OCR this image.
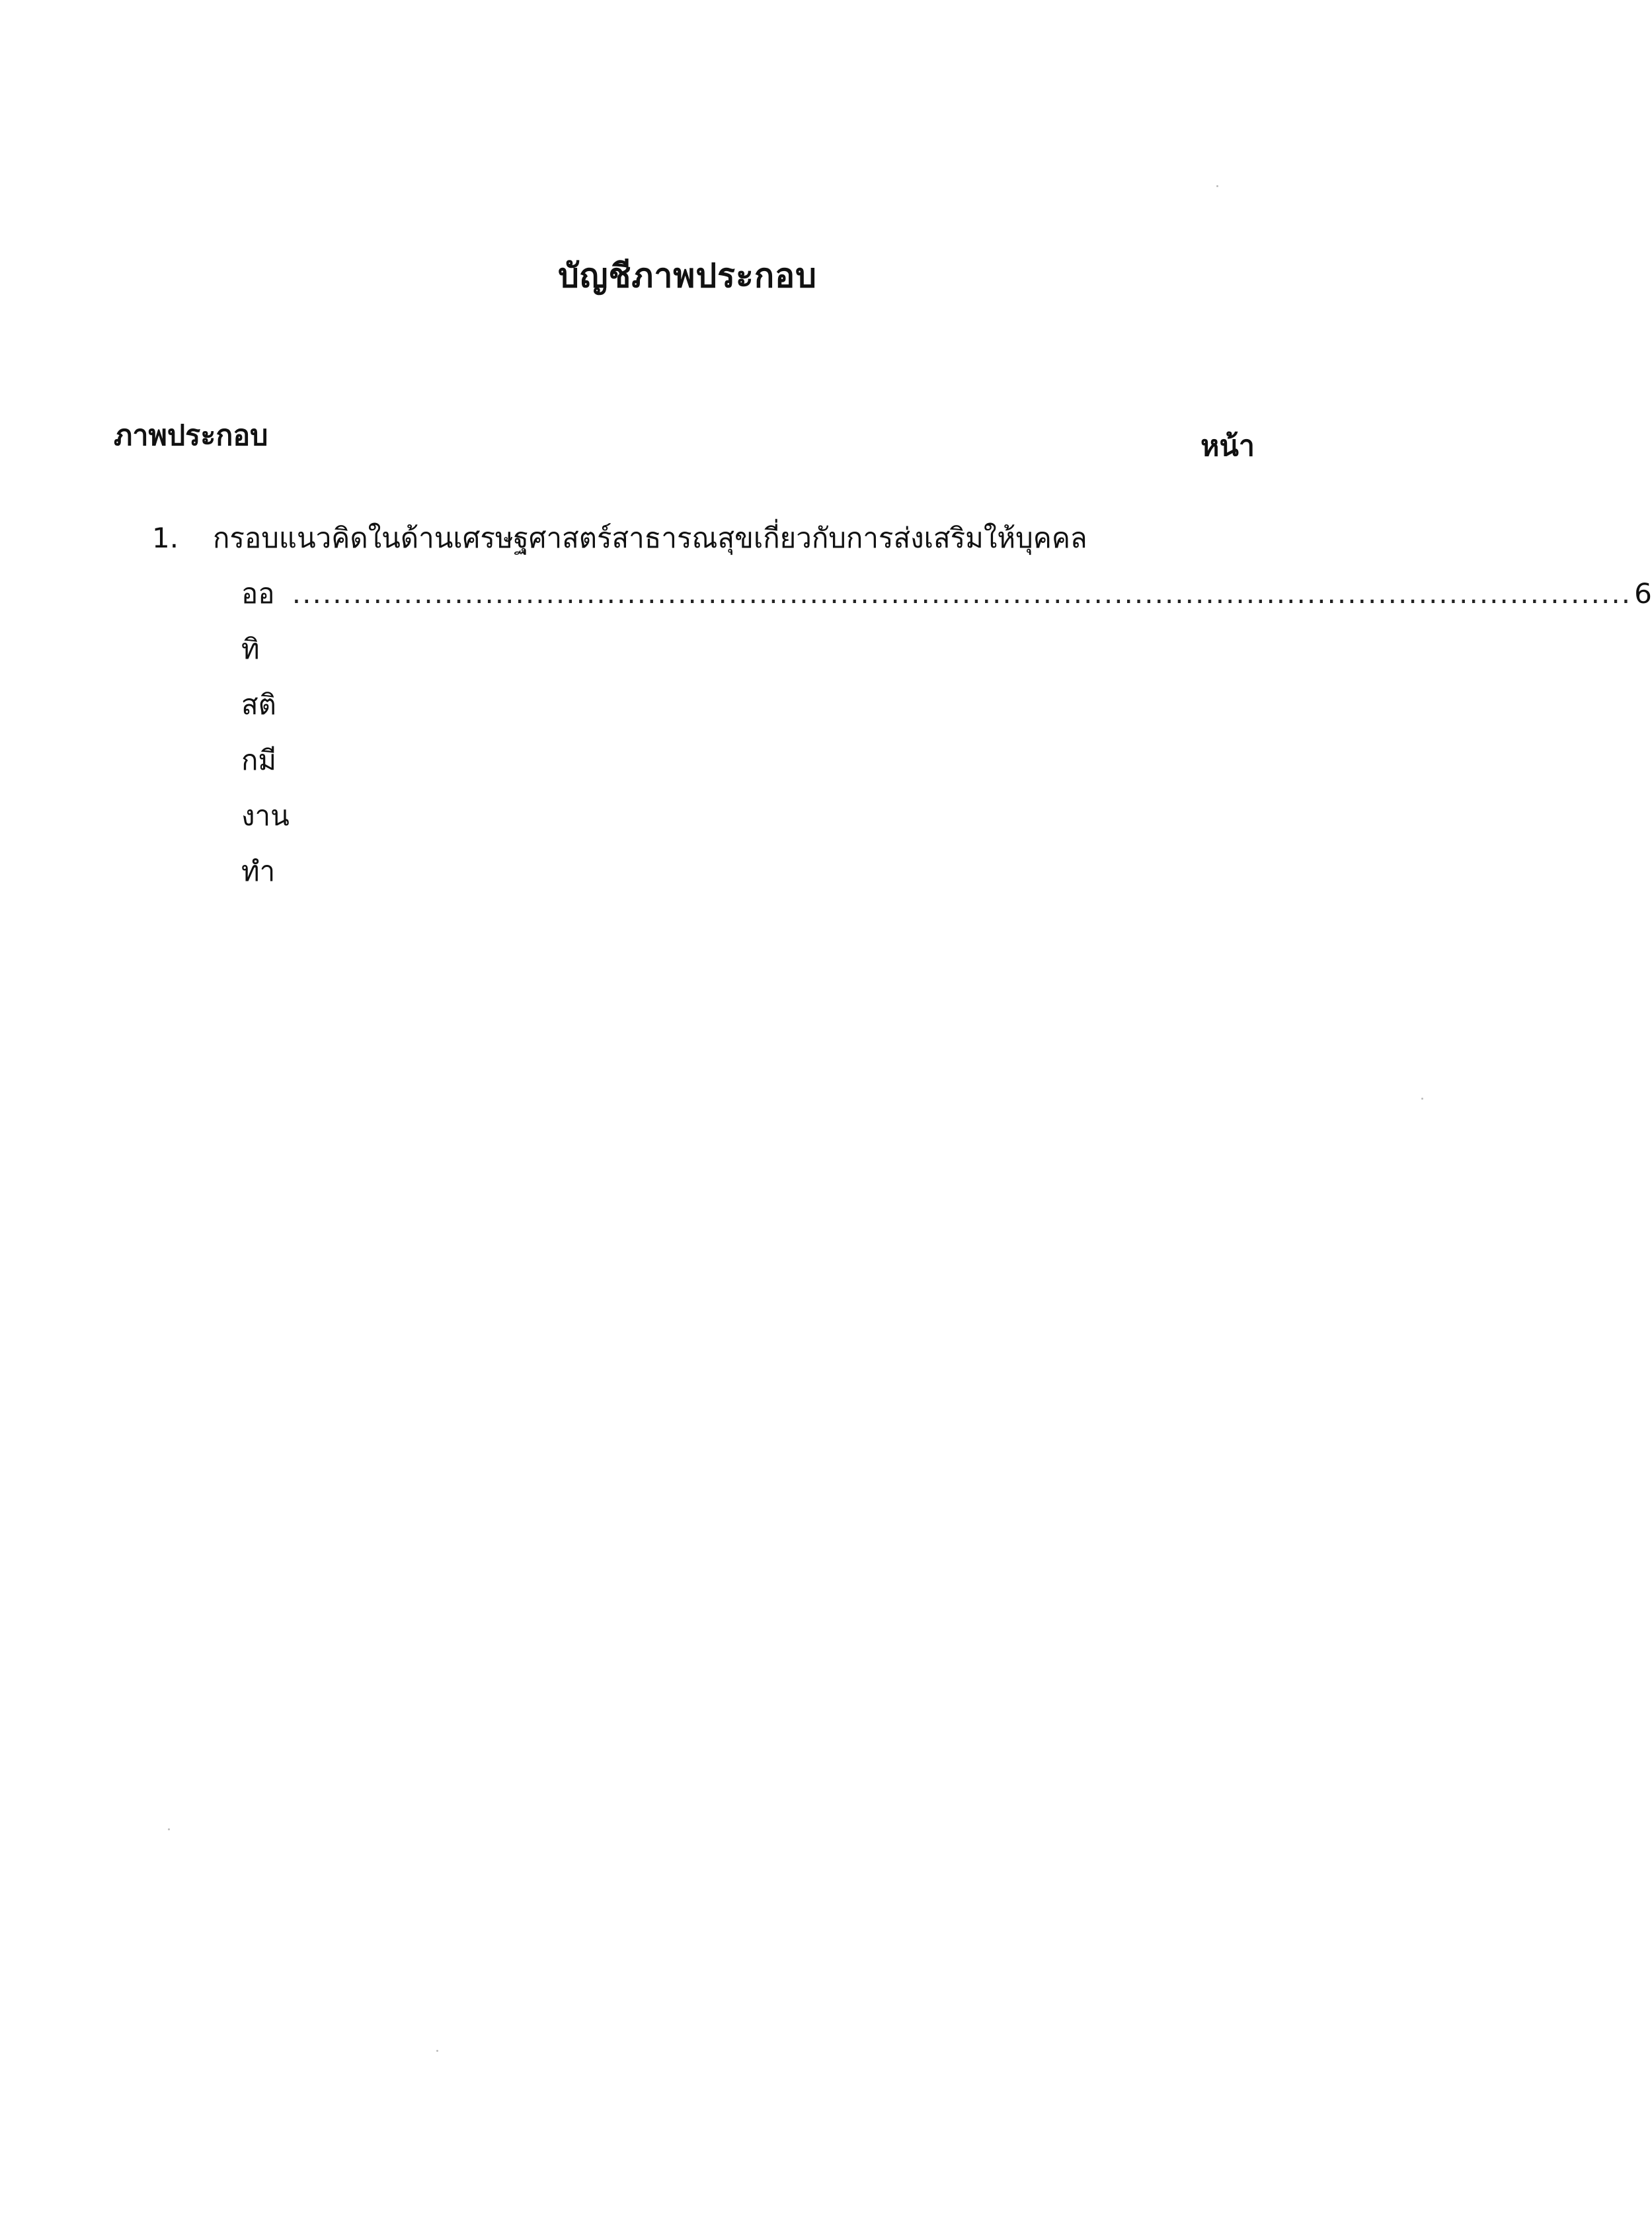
บัญชีภาพประกอบ
ภาพประกอบ	หน้า
1.	กรอบแนวคิดในด้านเศรษฐศาสตร์สาธารณสุขเกี่ยวกับการส่งเสริมให้บุคคล
ออทิสติกมีงานทำ
.................................................................................................................................... 6
